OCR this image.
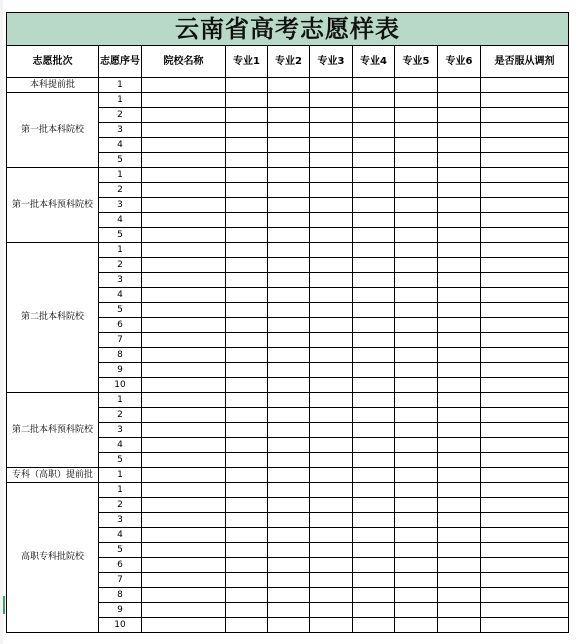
云南省高考志愿样表									
志愿批次	志愿序号	院校名称	专业1	专业2	专业3	专业4	专业5	专业6	是否服从调剂
本科提前批	1								
第一批本科院校	1								
	2								
	3								
	4								
	5								
第一批本科预科院校	1								
	2								
	3								
	4								
	5								
第二批本科院校	1								
	2								
	3								
	4								
	5								
	6								
	7								
	8								
	9								
	10								
第二批本科预科院校	1								
	2								
	3								
	4								
	5								
专科（高职）提前批	1								
高职专科批院校	1								
	2								
	3								
	4								
	5								
	6								
	7								
	8								
	9								
	10								
